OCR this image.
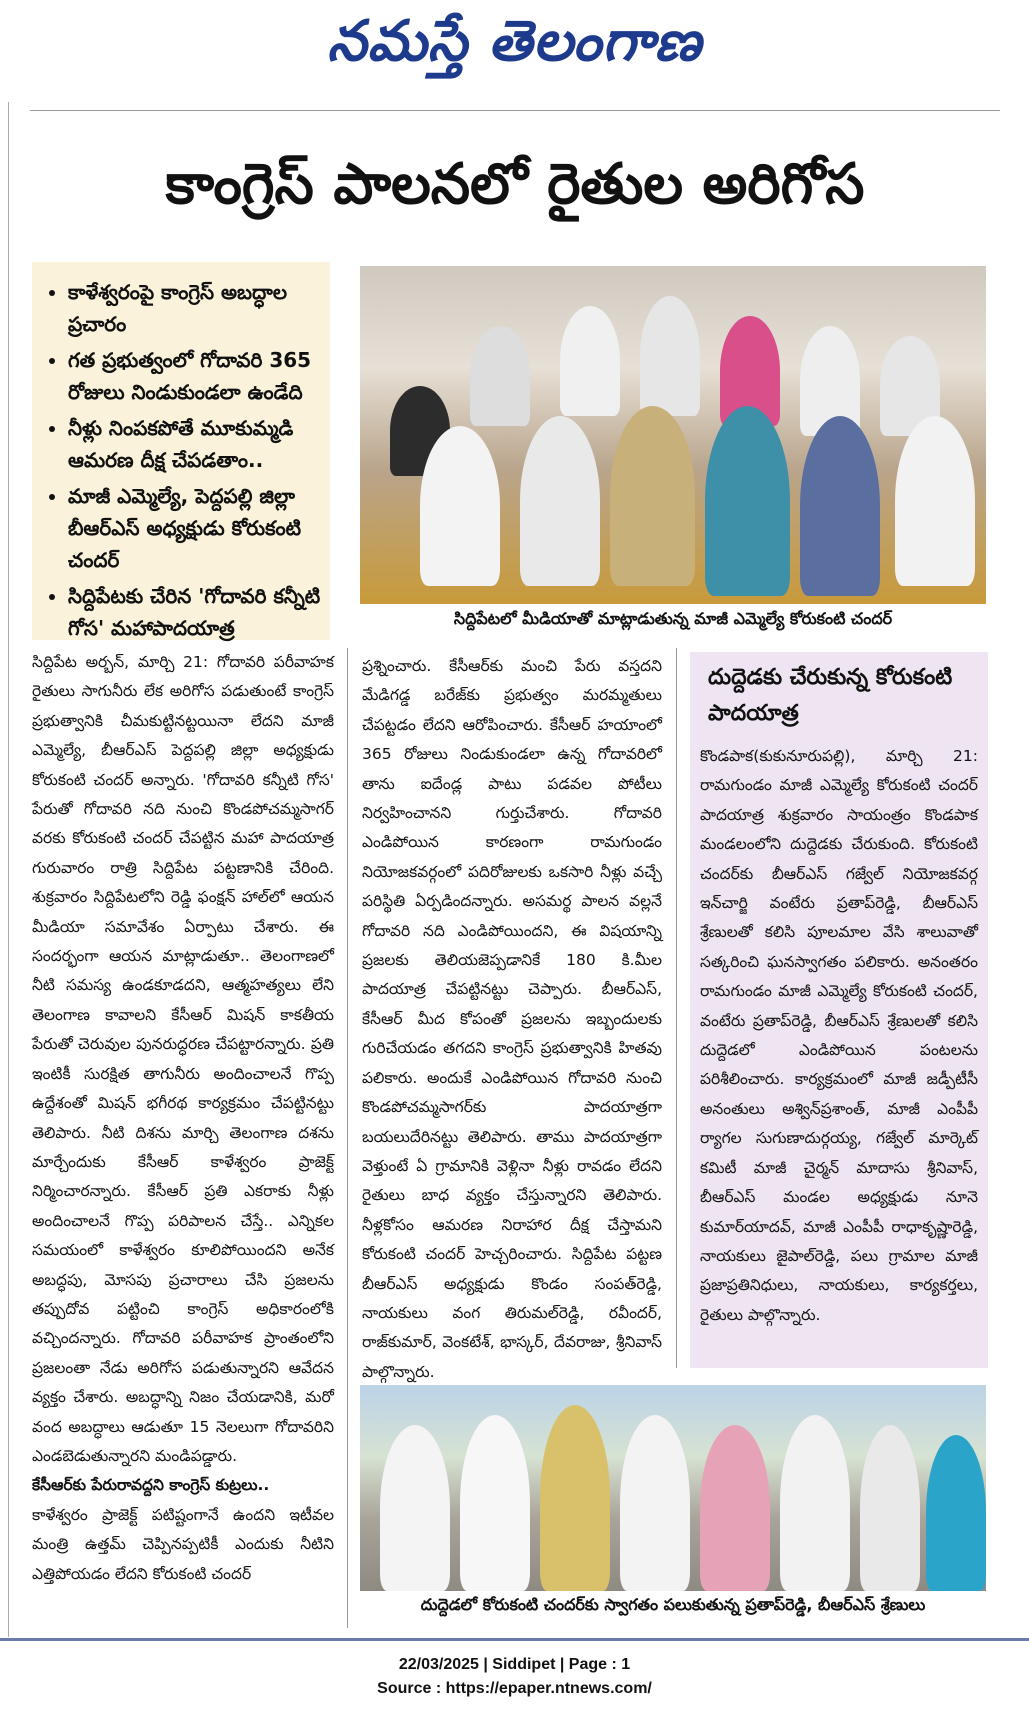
నమస్తే తెలంగాణ
కాంగ్రెస్ పాలనలో రైతుల అరిగోస
• కాళేశ్వరంపై కాంగ్రెస్ అబద్ధాల ప్రచారం
• గత ప్రభుత్వంలో గోదావరి 365 రోజులు నిండుకుండలా ఉండేది
• నీళ్లు నింపకపోతే మూకుమ్మడి ఆమరణ దీక్ష చేపడతాం..
• మాజీ ఎమ్మెల్యే, పెద్దపల్లి జిల్లా బీఆర్ఎస్ అధ్యక్షుడు కోరుకంటి చందర్
• సిద్దిపేటకు చేరిన 'గోదావరి కన్నీటి గోస' మహాపాదయాత్ర	సిద్దిపేటలో మీడియాతో మాట్లాడుతున్న మాజీ ఎమ్మెల్యే కోరుకంటి చందర్

సిద్దిపేట అర్బన్, మార్చి 21: గోదావరి పరీవాహక రైతులు సాగునీరు లేక అరిగోస పడుతుంటే కాంగ్రెస్ ప్రభుత్వానికి చీమకుట్టినట్టయినా లేదని మాజీ ఎమ్మెల్యే, బీఆర్ఎస్ పెద్దపల్లి జిల్లా అధ్యక్షుడు కోరుకంటి చందర్ అన్నారు. 'గోదావరి కన్నీటి గోస' పేరుతో గోదావరి నది నుంచి కొండపోచమ్మసాగర్ వరకు కోరుకంటి చందర్ చేపట్టిన మహా పాదయాత్ర గురువారం రాత్రి సిద్దిపేట పట్టణానికి చేరింది. శుక్రవారం సిద్దిపేటలోని రెడ్డి ఫంక్షన్ హాల్‌లో ఆయన మీడియా సమావేశం ఏర్పాటు చేశారు. ఈ సందర్భంగా ఆయన మాట్లాడుతూ.. తెలంగాణలో నీటి సమస్య ఉండకూడదని, ఆత్మహత్యలు లేని తెలంగాణ కావాలని కేసీఆర్ మిషన్ కాకతీయ పేరుతో చెరువుల పునరుద్ధరణ చేపట్టారన్నారు. ప్రతి ఇంటికీ సురక్షిత తాగునీరు అందించాలనే గొప్ప ఉద్దేశంతో మిషన్ భగీరథ కార్యక్రమం చేపట్టినట్టు తెలిపారు. నీటి దిశను మార్చి తెలంగాణ దశను మార్చేందుకు కేసీఆర్ కాళేశ్వరం ప్రాజెక్ట్ నిర్మించారన్నారు. కేసీఆర్ ప్రతి ఎకరాకు నీళ్లు అందించాలనే గొప్ప పరిపాలన చేస్తే.. ఎన్నికల సమయంలో కాళేశ్వరం కూలిపోయిందని అనేక అబద్ధపు, మోసపు ప్రచారాలు చేసి ప్రజలను తప్పుదోవ పట్టించి కాంగ్రెస్ అధికారంలోకి వచ్చిందన్నారు. గోదావరి పరీవాహక ప్రాంతంలోని ప్రజలంతా నేడు అరిగోస పడుతున్నారని ఆవేదన వ్యక్తం చేశారు. అబద్ధాన్ని నిజం చేయడానికి, మరో వంద అబద్ధాలు ఆడుతూ 15 నెలలుగా గోదావరిని ఎండబెడుతున్నారని మండిపడ్డారు.

కేసీఆర్‌కు పేరురావద్దని కాంగ్రెస్ కుట్రలు..

కాళేశ్వరం ప్రాజెక్ట్ పటిష్టంగానే ఉందని ఇటీవల మంత్రి ఉత్తమ్ చెప్పినప్పటికీ ఎందుకు నీటిని ఎత్తిపోయడం లేదని కోరుకంటి చందర్

ప్రశ్నించారు. కేసీఆర్‌కు మంచి పేరు వస్తదని మేడిగడ్డ బరేజ్‌కు ప్రభుత్వం మరమ్మతులు చేపట్టడం లేదని ఆరోపించారు. కేసీఆర్ హయాంలో 365 రోజులు నిండుకుండలా ఉన్న గోదావరిలో తాను ఐదేండ్ల పాటు పడవల పోటీలు నిర్వహించానని గుర్తుచేశారు. గోదావరి ఎండిపోయిన కారణంగా రామగుండం నియోజకవర్గంలో పదిరోజులకు ఒకసారి నీళ్లు వచ్చే పరిస్థితి ఏర్పడిందన్నారు. అసమర్థ పాలన వల్లనే గోదావరి నది ఎండిపోయిందని, ఈ విషయాన్ని ప్రజలకు తెలియజెప్పడానికే 180 కి.మీల పాదయాత్ర చేపట్టినట్టు చెప్పారు. బీఆర్ఎస్, కేసీఆర్ మీద కోపంతో ప్రజలను ఇబ్బందులకు గురిచేయడం తగదని కాంగ్రెస్ ప్రభుత్వానికి హితవు పలికారు. అందుకే ఎండిపోయిన గోదావరి నుంచి కొండపోచమ్మసాగర్‌కు పాదయాత్రగా బయలుదేరినట్టు తెలిపారు. తాము పాదయాత్రగా వెళ్తుంటే ఏ గ్రామానికి వెళ్లినా నీళ్లు రావడం లేదని రైతులు బాధ వ్యక్తం చేస్తున్నారని తెలిపారు. నీళ్లకోసం ఆమరణ నిరాహార దీక్ష చేస్తామని కోరుకంటి చందర్ హెచ్చరించారు. సిద్దిపేట పట్టణ బీఆర్ఎస్ అధ్యక్షుడు కొండం సంపత్‌రెడ్డి, నాయకులు వంగ తిరుమల్‌రెడ్డి, రవీందర్, రాజ్‌కుమార్, వెంకటేశ్, భాస్కర్, దేవరాజు, శ్రీనివాస్ పాల్గొన్నారు.

దుద్దెడకు చేరుకున్న కోరుకంటి పాదయాత్ర

కొండపాక(కుకునూరుపల్లి), మార్చి 21: రామగుండం మాజీ ఎమ్మెల్యే కోరుకంటి చందర్ పాదయాత్ర శుక్రవారం సాయంత్రం కొండపాక మండలంలోని దుద్దెడకు చేరుకుంది. కోరుకంటి చందర్‌కు బీఆర్ఎస్ గజ్వేల్ నియోజకవర్గ ఇన్‌చార్జి వంటేరు ప్రతాప్‌రెడ్డి, బీఆర్ఎస్ శ్రేణులతో కలిసి పూలమాల వేసి శాలువాతో సత్కరించి ఘనస్వాగతం పలికారు. అనంతరం రామగుండం మాజీ ఎమ్మెల్యే కోరుకంటి చందర్, వంటేరు ప్రతాప్‌రెడ్డి, బీఆర్ఎస్ శ్రేణులతో కలిసి దుద్దెడలో ఎండిపోయిన పంటలను పరిశీలించారు. కార్యక్రమంలో మాజీ జడ్పీటీసీ అనంతులు అశ్విన్‌ప్రశాంత్, మాజీ ఎంపీపీ ర్యాగల సుగుణాదుర్గయ్య, గజ్వేల్ మార్కెట్ కమిటీ మాజీ చైర్మన్ మాదాసు శ్రీనివాస్, బీఆర్ఎస్ మండల అధ్యక్షుడు నూనె కుమార్‌యాదవ్, మాజీ ఎంపీపీ రాధాకృష్ణారెడ్డి, నాయకులు జైపాల్‌రెడ్డి, పలు గ్రామాల మాజీ ప్రజాప్రతినిధులు, నాయకులు, కార్యకర్తలు, రైతులు పాల్గొన్నారు.

దుద్దెడలో కోరుకంటి చందర్‌కు స్వాగతం పలుకుతున్న ప్రతాప్‌రెడ్డి, బీఆర్ఎస్ శ్రేణులు
22/03/2025 | Siddipet | Page : 1
Source : https://epaper.ntnews.com/
